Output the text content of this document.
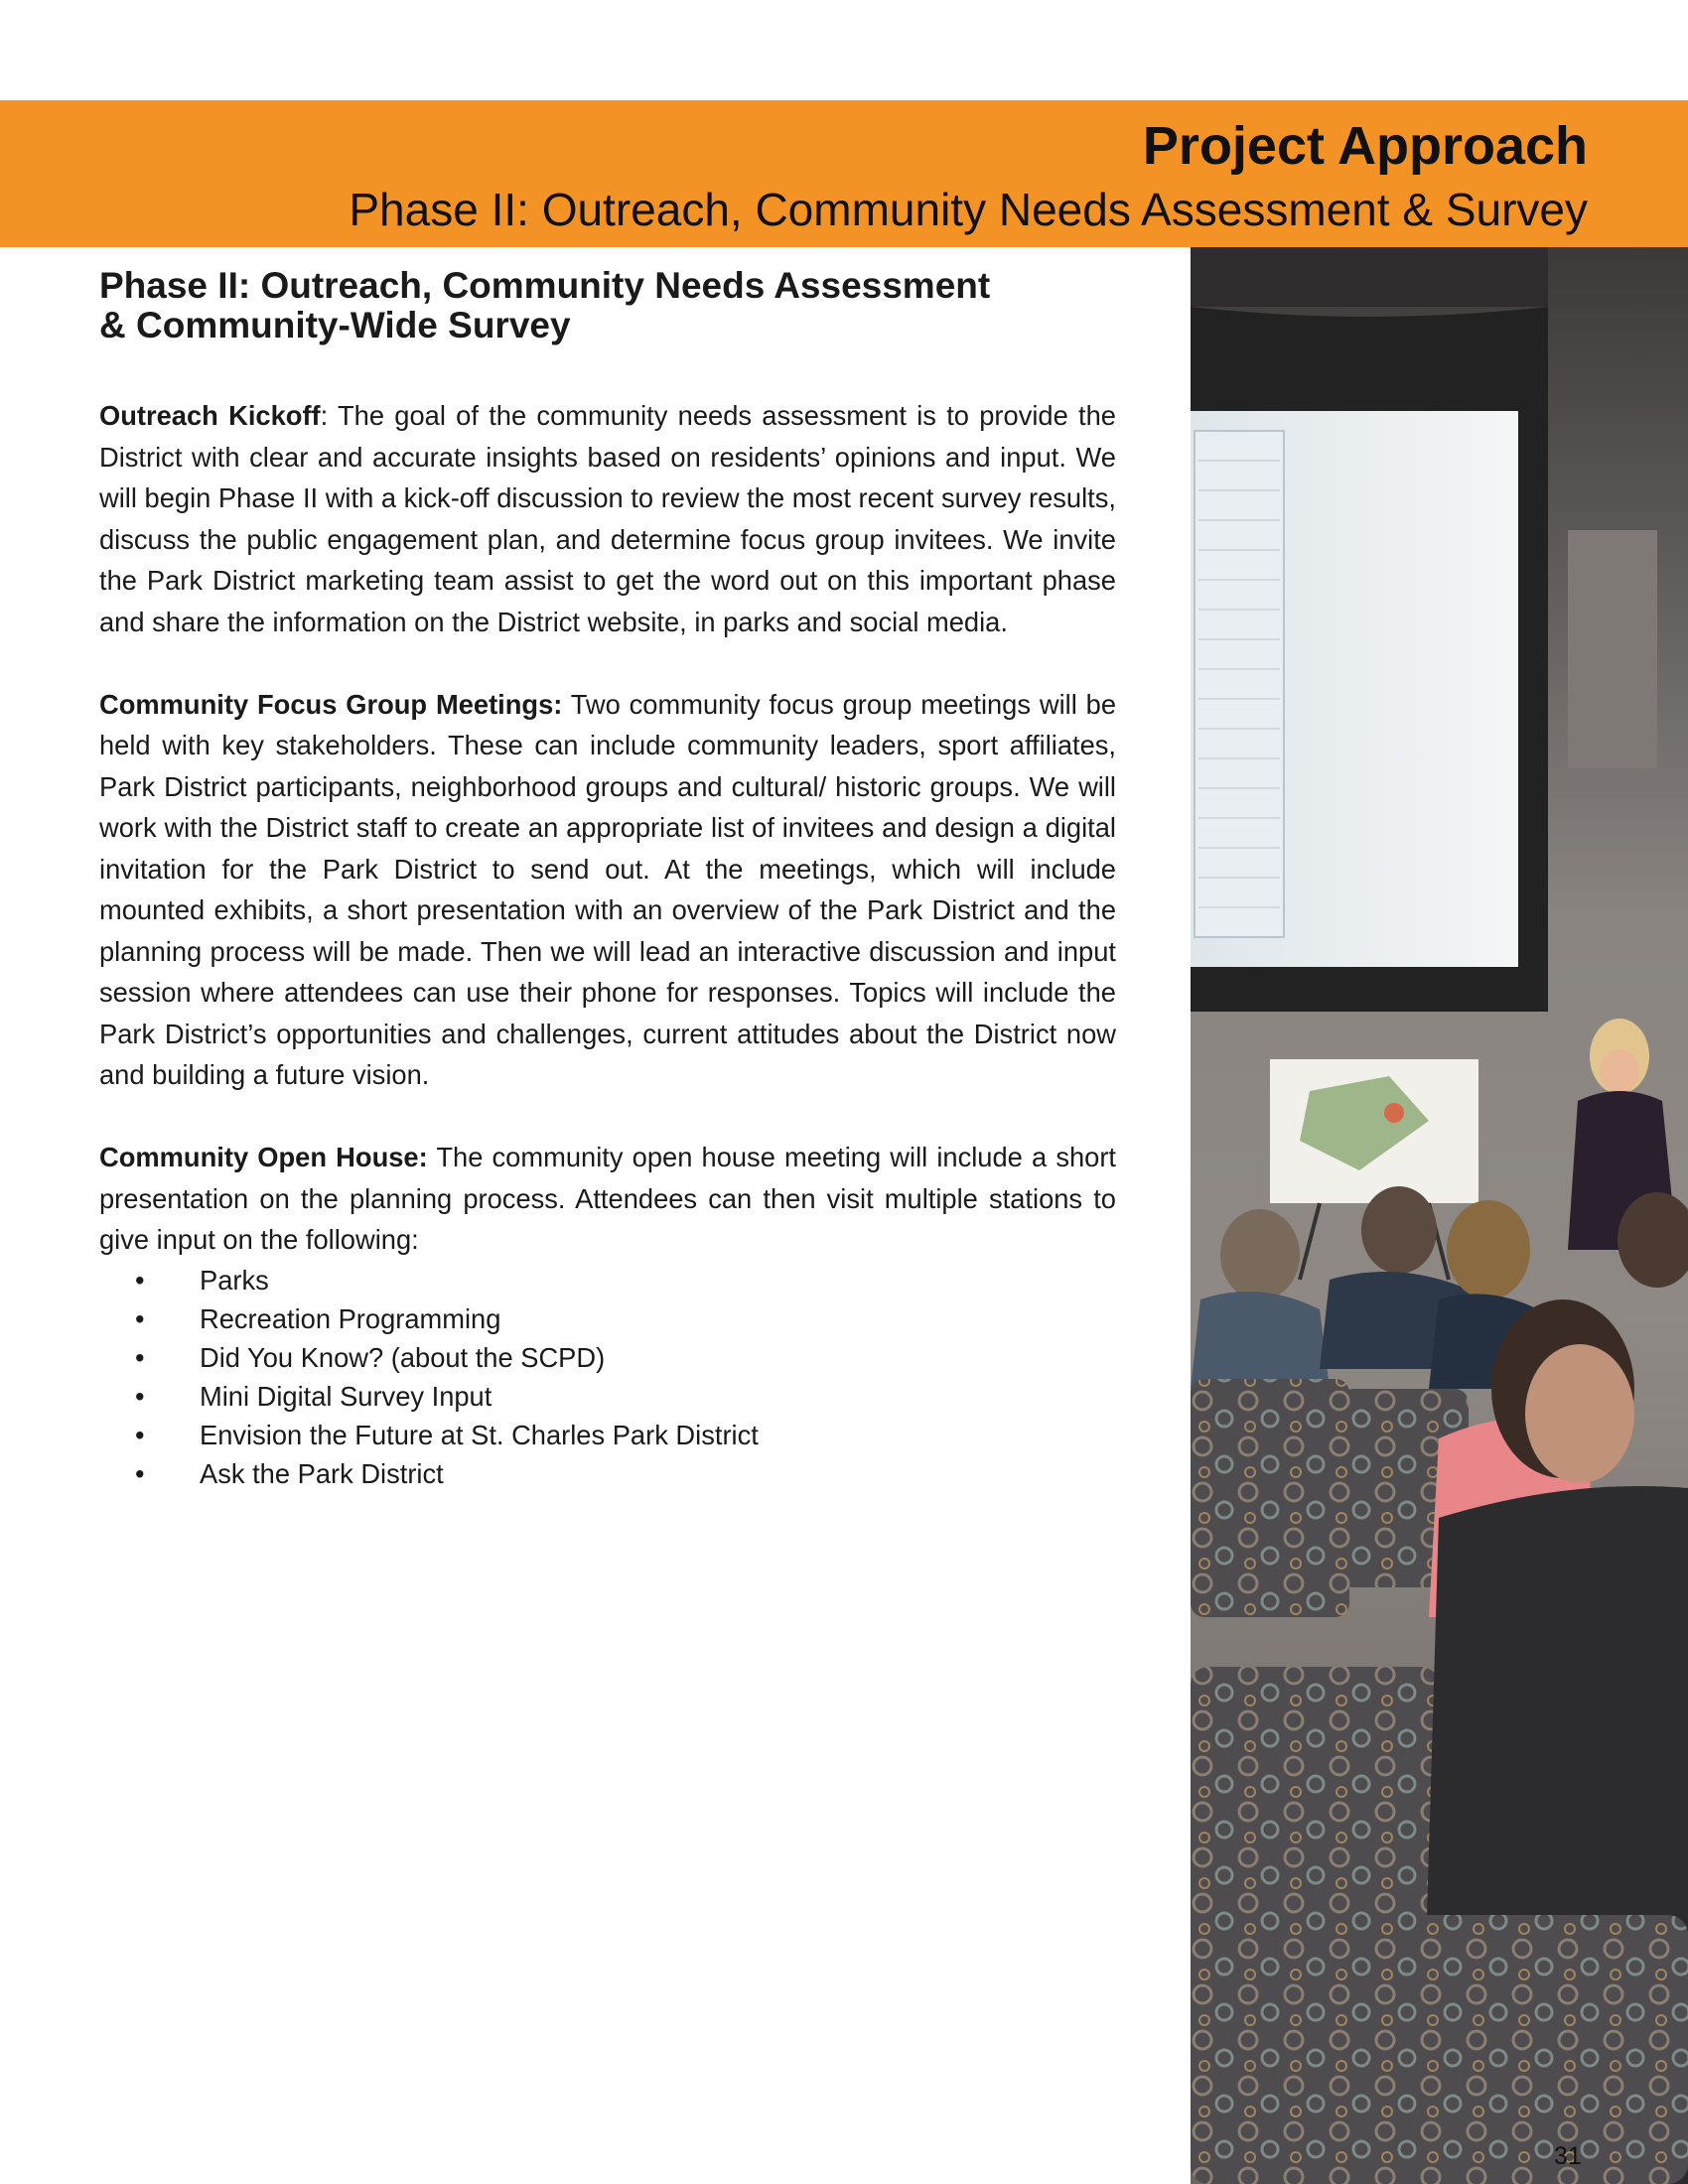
Project Approach
Phase II: Outreach, Community Needs Assessment & Survey
Phase II: Outreach, Community Needs Assessment
& Community-Wide Survey

Outreach Kickoff: The goal of the community needs assessment is to provide the District with clear and accurate insights based on residents’ opinions and input. We will begin Phase II with a kick-off discussion to review the most recent survey results, discuss the public engagement plan, and determine focus group invitees. We invite the Park District marketing team assist to get the word out on this important phase and share the information on the District website, in parks and social media.

Community Focus Group Meetings: Two community focus group meetings will be held with key stakeholders. These can include community leaders, sport affiliates, Park District participants, neighborhood groups and cultural/ historic groups. We will work with the District staff to create an appropriate list of invitees and design a digital invitation for the Park District to send out. At the meetings, which will include mounted exhibits, a short presentation with an overview of the Park District and the planning process will be made. Then we will lead an interactive discussion and input session where attendees can use their phone for responses. Topics will include the Park District’s opportunities and challenges, current attitudes about the District now and building a future vision.

Community Open House: The community open house meeting will include a short presentation on the planning process. Attendees can then visit multiple stations to give input on the following:

• Parks
• Recreation Programming
• Did You Know? (about the SCPD)
• Mini Digital Survey Input
• Envision the Future at St. Charles Park District
• Ask the Park District
31
